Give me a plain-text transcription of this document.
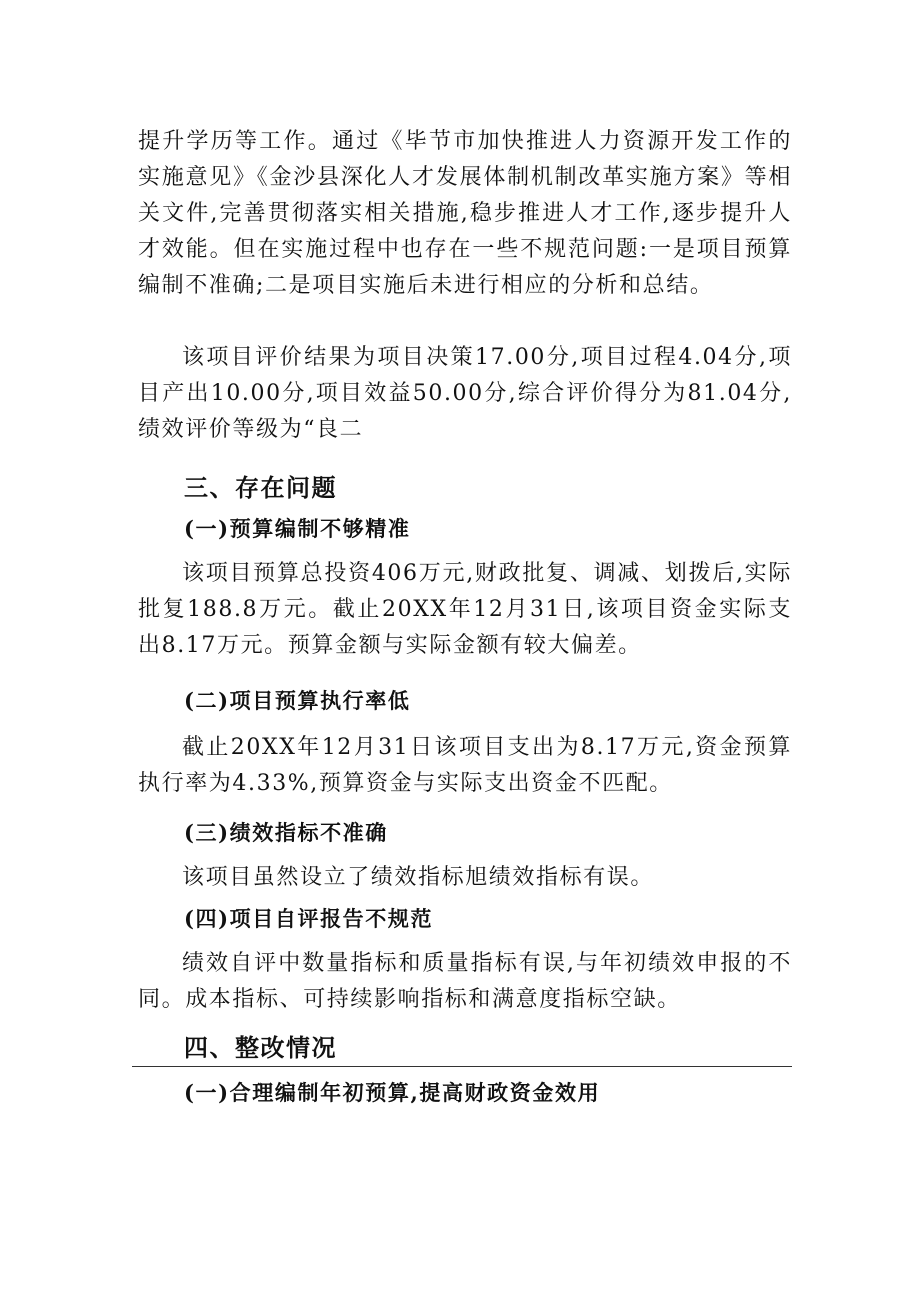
提升学历等工作。通过《毕节市加快推进人力资源开发工作的实施意见》《金沙县深化人才发展体制机制改革实施方案》等相关文件,完善贯彻落实相关措施,稳步推进人才工作,逐步提升人才效能。但在实施过程中也存在一些不规范问题:一是项目预算编制不准确;二是项目实施后未进行相应的分析和总结。

该项目评价结果为项目决策17.00分,项目过程4.04分,项目产出10.00分,项目效益50.00分,综合评价得分为81.04分,绩效评价等级为“良二

三、存在问题
(一)预算编制不够精准

该项目预算总投资406万元,财政批复、调减、划拨后,实际批复188.8万元。截止20XX年12月31日,该项目资金实际支出8.17万元。预算金额与实际金额有较大偏差。

(二)项目预算执行率低

截止20XX年12月31日该项目支出为8.17万元,资金预算执行率为4.33%,预算资金与实际支出资金不匹配。

(三)绩效指标不准确

该项目虽然设立了绩效指标旭绩效指标有误。

(四)项目自评报告不规范

绩效自评中数量指标和质量指标有误,与年初绩效申报的不同。成本指标、可持续影响指标和满意度指标空缺。

四、整改情况
(一)合理编制年初预算,提高财政资金效用
